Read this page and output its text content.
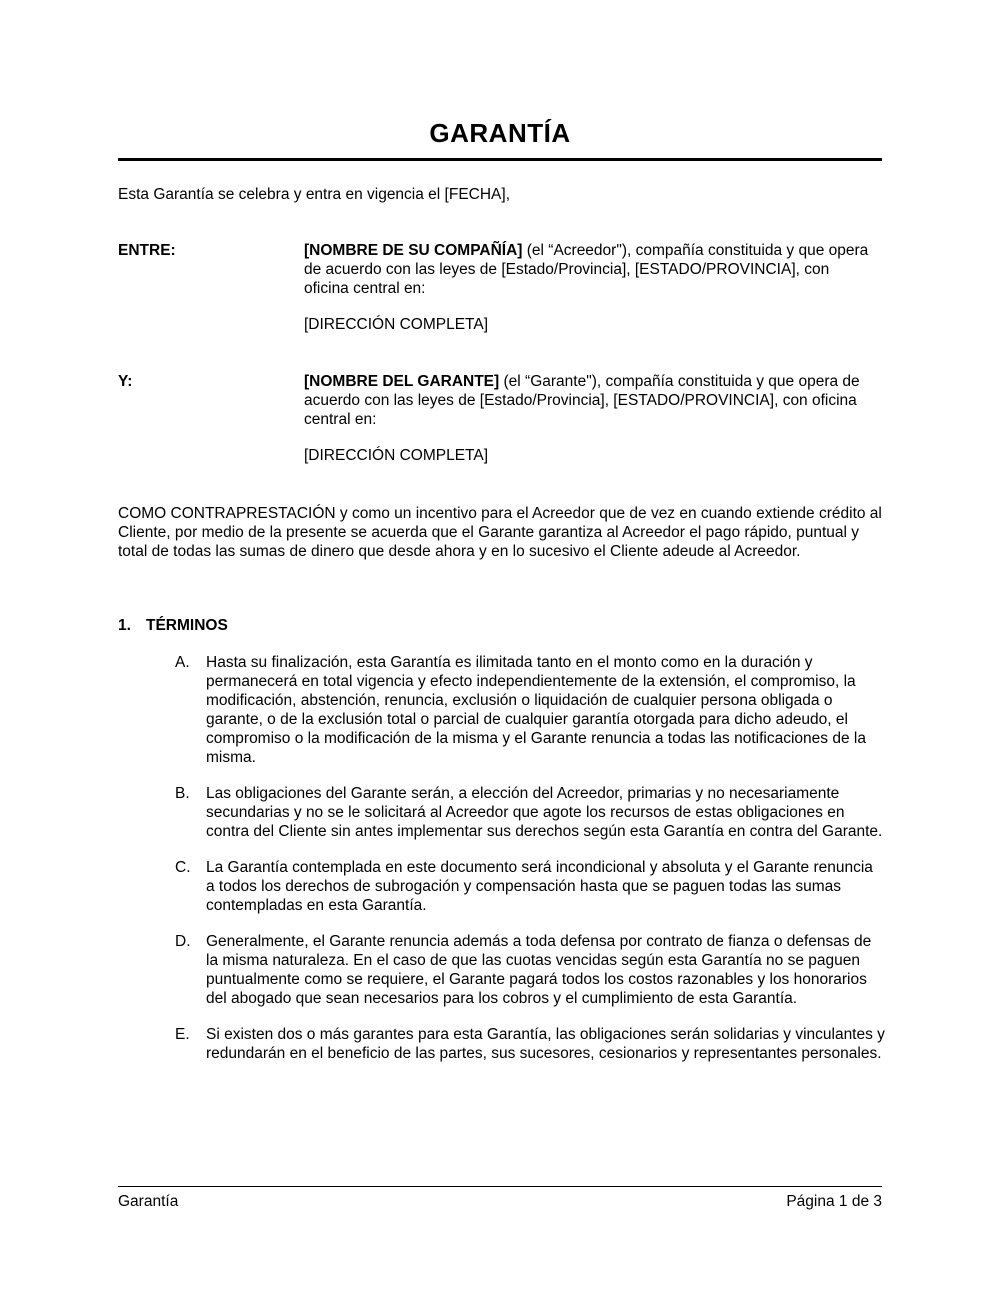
GARANTÍA

Esta Garantía se celebra y entra en vigencia el [FECHA],

ENTRE:	[NOMBRE DE SU COMPAÑÍA] (el “Acreedor"), compañía constituida y que opera de acuerdo con las leyes de [Estado/Provincia], [ESTADO/PROVINCIA], con oficina central en:

[DIRECCIÓN COMPLETA]

Y:	[NOMBRE DEL GARANTE] (el “Garante"), compañía constituida y que opera de acuerdo con las leyes de [Estado/Provincia], [ESTADO/PROVINCIA], con oficina central en:

[DIRECCIÓN COMPLETA]

COMO CONTRAPRESTACIÓN y como un incentivo para el Acreedor que de vez en cuando extiende crédito al Cliente, por medio de la presente se acuerda que el Garante garantiza al Acreedor el pago rápido, puntual y total de todas las sumas de dinero que desde ahora y en lo sucesivo el Cliente adeude al Acreedor.

1. TÉRMINOS
A. Hasta su finalización, esta Garantía es ilimitada tanto en el monto como en la duración y permanecerá en total vigencia y efecto independientemente de la extensión, el compromiso, la modificación, abstención, renuncia, exclusión o liquidación de cualquier persona obligada o garante, o de la exclusión total o parcial de cualquier garantía otorgada para dicho adeudo, el compromiso o la modificación de la misma y el Garante renuncia a todas las notificaciones de la misma.
B. Las obligaciones del Garante serán, a elección del Acreedor, primarias y no necesariamente secundarias y no se le solicitará al Acreedor que agote los recursos de estas obligaciones en contra del Cliente sin antes implementar sus derechos según esta Garantía en contra del Garante.
C. La Garantía contemplada en este documento será incondicional y absoluta y el Garante renuncia a todos los derechos de subrogación y compensación hasta que se paguen todas las sumas contempladas en esta Garantía.
D. Generalmente, el Garante renuncia además a toda defensa por contrato de fianza o defensas de la misma naturaleza. En el caso de que las cuotas vencidas según esta Garantía no se paguen puntualmente como se requiere, el Garante pagará todos los costos razonables y los honorarios del abogado que sean necesarios para los cobros y el cumplimiento de esta Garantía.
E. Si existen dos o más garantes para esta Garantía, las obligaciones serán solidarias y vinculantes y redundarán en el beneficio de las partes, sus sucesores, cesionarios y representantes personales.
Garantía	Página 1 de 3
